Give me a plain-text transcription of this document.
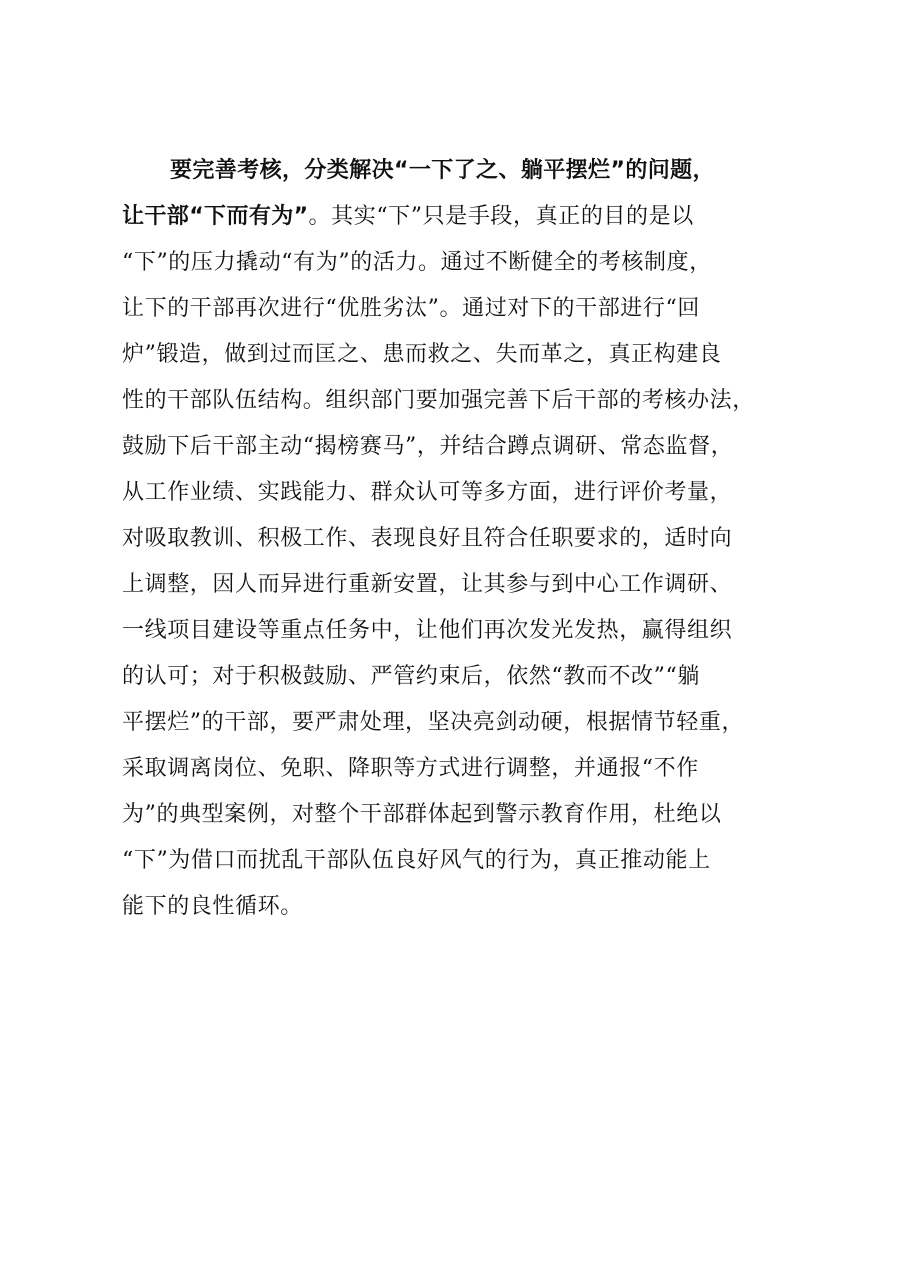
要完善考核，分类解决“一下了之、躺平摆烂”的问题，
让干部“下而有为”。其实“下”只是手段，真正的目的是以
“下”的压力撬动“有为”的活力。通过不断健全的考核制度，
让下的干部再次进行“优胜劣汰”。通过对下的干部进行“回
炉”锻造，做到过而匡之、患而救之、失而革之，真正构建良
性的干部队伍结构。组织部门要加强完善下后干部的考核办法，
鼓励下后干部主动“揭榜赛马”，并结合蹲点调研、常态监督，
从工作业绩、实践能力、群众认可等多方面，进行评价考量，
对吸取教训、积极工作、表现良好且符合任职要求的，适时向
上调整，因人而异进行重新安置，让其参与到中心工作调研、
一线项目建设等重点任务中，让他们再次发光发热，赢得组织
的认可；对于积极鼓励、严管约束后，依然“教而不改”“躺
平摆烂”的干部，要严肃处理，坚决亮剑动硬，根据情节轻重，
采取调离岗位、免职、降职等方式进行调整，并通报“不作
为”的典型案例，对整个干部群体起到警示教育作用，杜绝以
“下”为借口而扰乱干部队伍良好风气的行为，真正推动能上
能下的良性循环。
